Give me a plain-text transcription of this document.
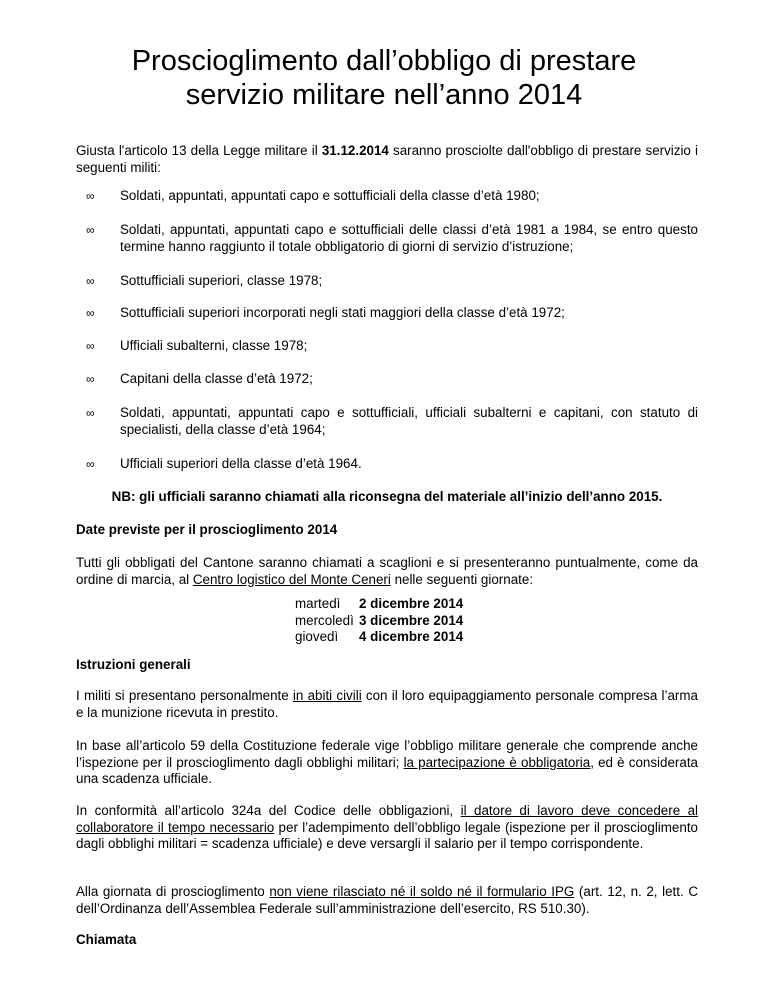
Proscioglimento dall’obbligo di prestare
servizio militare nell’anno 2014

Giusta l'articolo 13 della Legge militare il 31.12.2014 saranno prosciolte dall'obbligo di prestare servizio i seguenti militi:

∞ Soldati, appuntati, appuntati capo e sottufficiali della classe d’età 1980;
∞ Soldati, appuntati, appuntati capo e sottufficiali delle classi d’età 1981 a 1984, se entro questo termine hanno raggiunto il totale obbligatorio di giorni di servizio d’istruzione;
∞ Sottufficiali superiori, classe 1978;
∞ Sottufficiali superiori incorporati negli stati maggiori della classe d’età 1972;
∞ Ufficiali subalterni, classe 1978;
∞ Capitani della classe d’età 1972;
∞ Soldati, appuntati, appuntati capo e sottufficiali, ufficiali subalterni e capitani, con statuto di specialisti, della classe d’età 1964;
∞ Ufficiali superiori della classe d’età 1964.
NB: gli ufficiali saranno chiamati alla riconsegna del materiale all’inizio dell’anno 2015.
Date previste per il proscioglimento 2014

Tutti gli obbligati del Cantone saranno chiamati a scaglioni e si presenteranno puntualmente, come da ordine di marcia, al Centro logistico del Monte Ceneri nelle seguenti giornate:

martedì	2 dicembre 2014
mercoledì 3 dicembre 2014
giovedì	4 dicembre 2014
Istruzioni generali

I militi si presentano personalmente in abiti civili con il loro equipaggiamento personale compresa l’arma e la munizione ricevuta in prestito.

In base all’articolo 59 della Costituzione federale vige l’obbligo militare generale che comprende anche l’ispezione per il proscioglimento dagli obblighi militari; la partecipazione è obbligatoria, ed è considerata una scadenza ufficiale.

In conformità all’articolo 324a del Codice delle obbligazioni, il datore di lavoro deve concedere al collaboratore il tempo necessario per l’adempimento dell’obbligo legale (ispezione per il proscioglimento dagli obblighi militari = scadenza ufficiale) e deve versargli il salario per il tempo corrispondente.

Alla giornata di proscioglimento non viene rilasciato né il soldo né il formulario IPG (art. 12, n. 2, lett. C dell’Ordinanza dell’Assemblea Federale sull’amministrazione dell’esercito, RS 510.30).

Chiamata
